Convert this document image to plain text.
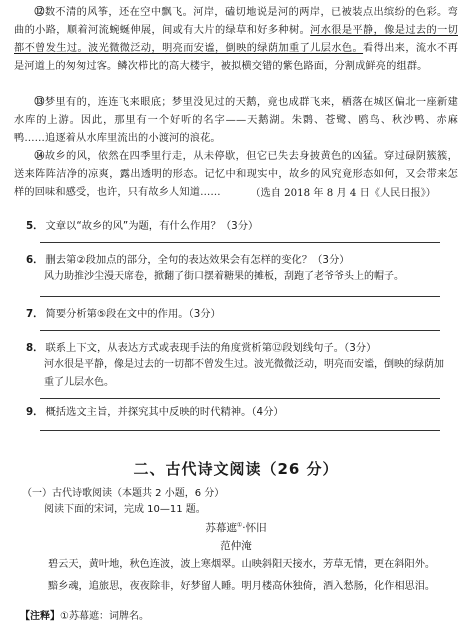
⑫数不清的风筝，还在空中飘飞。河岸，磕切地说是河的两岸，已被装点出缤纷的色彩。弯曲的小路，顺着河流蜿蜒伸展，间或有大片的绿草和好多种树。河水很是平静，像是过去的一切都不曾发生过。波光微微泛动，明亮而安谧，倒映的绿荫加重了儿层水色。看得出来，流水不再是河道上的匆匆过客。鳞次栉比的高大楼宇，被拟横交错的紫色路面，分割成鲜亮的组群。
⑬梦里有的，连连飞来眼底；梦里没见过的天鹅，竟也成群飞来，栖落在城区偏北一座新建水库的上游。因此，那里有一个好听的名字——天鹅湖。朱鹮、苍鹭、鸥鸟、秋沙鸭、赤麻鸭……追逐着从水库里流出的小渡河的浪花。
⑭故乡的风，依然在四季里行走，从未停歇，但它已失去身披黄色的凶猛。穿过碌阴簇簇，送来阵阵洁净的凉爽，露出透明的形态。记忆中和现实中，故乡的风究竟形态如何，又会带来怎样的回味和感受，也许，只有故乡人知道……	（选自 2018 年 8 月 4 日《人民日报》）
5． 文章以“故乡的风”为题，有什么作用？（3分）
6． 删去第②段加点的部分，全句的表达效果会有怎样的变化？（3分）
风力助推沙尘漫天席卷，掀翻了街口摆着糖果的摊板，刮跑了老爷爷头上的帽子。
7． 简要分析第⑤段在文中的作用。（3分）
8． 联系上下文，从表达方式或表现手法的角度赏析第⑫段划线句子。（3分）
河水很是平静，像是过去的一切都不曾发生过。波光微微泛动，明亮而安谧，倒映的绿荫加重了儿层水色。
9． 概括选文主旨，并探究其中反映的时代精神。（4分）
二、古代诗文阅读（26 分）
（一）古代诗歌阅读（本题共 2 小题，6 分）
阅读下面的宋词，完成 10—11 题。
苏幕遮①·怀旧
范仲淹
碧云天，黄叶地，秋色连波，波上寒烟翠。山映斜阳天接水，芳草无情，更在斜阳外。
黯乡魂，追旅思，夜夜除非，好梦留人睡。明月楼高休独倚，酒入愁肠，化作相思泪。
【注释】①苏幕遮：词牌名。
